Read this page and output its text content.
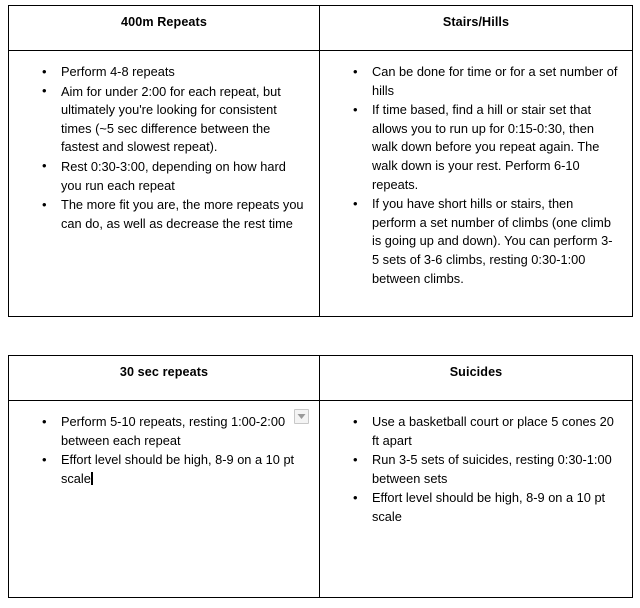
400m Repeats	Stairs/Hills

• Perform 4-8 repeats
• Aim for under 2:00 for each repeat, but ultimately you're looking for consistent times (~5 sec difference between the fastest and slowest repeat).
• Rest 0:30-3:00, depending on how hard you run each repeat
• The more fit you are, the more repeats you can do, as well as decrease the rest time

• Can be done for time or for a set number of hills
• If time based, find a hill or stair set that allows you to run up for 0:15-0:30, then walk down before you repeat again. The walk down is your rest. Perform 6-10 repeats.
• If you have short hills or stairs, then perform a set number of climbs (one climb is going up and down). You can perform 3-5 sets of 3-6 climbs, resting 0:30-1:00 between climbs.
30 sec repeats	Suicides

• Perform 5-10 repeats, resting 1:00-2:00 between each repeat
• Effort level should be high, 8-9 on a 10 pt scale

• Use a basketball court or place 5 cones 20 ft apart
• Run 3-5 sets of suicides, resting 0:30-1:00 between sets
• Effort level should be high, 8-9 on a 10 pt scale
